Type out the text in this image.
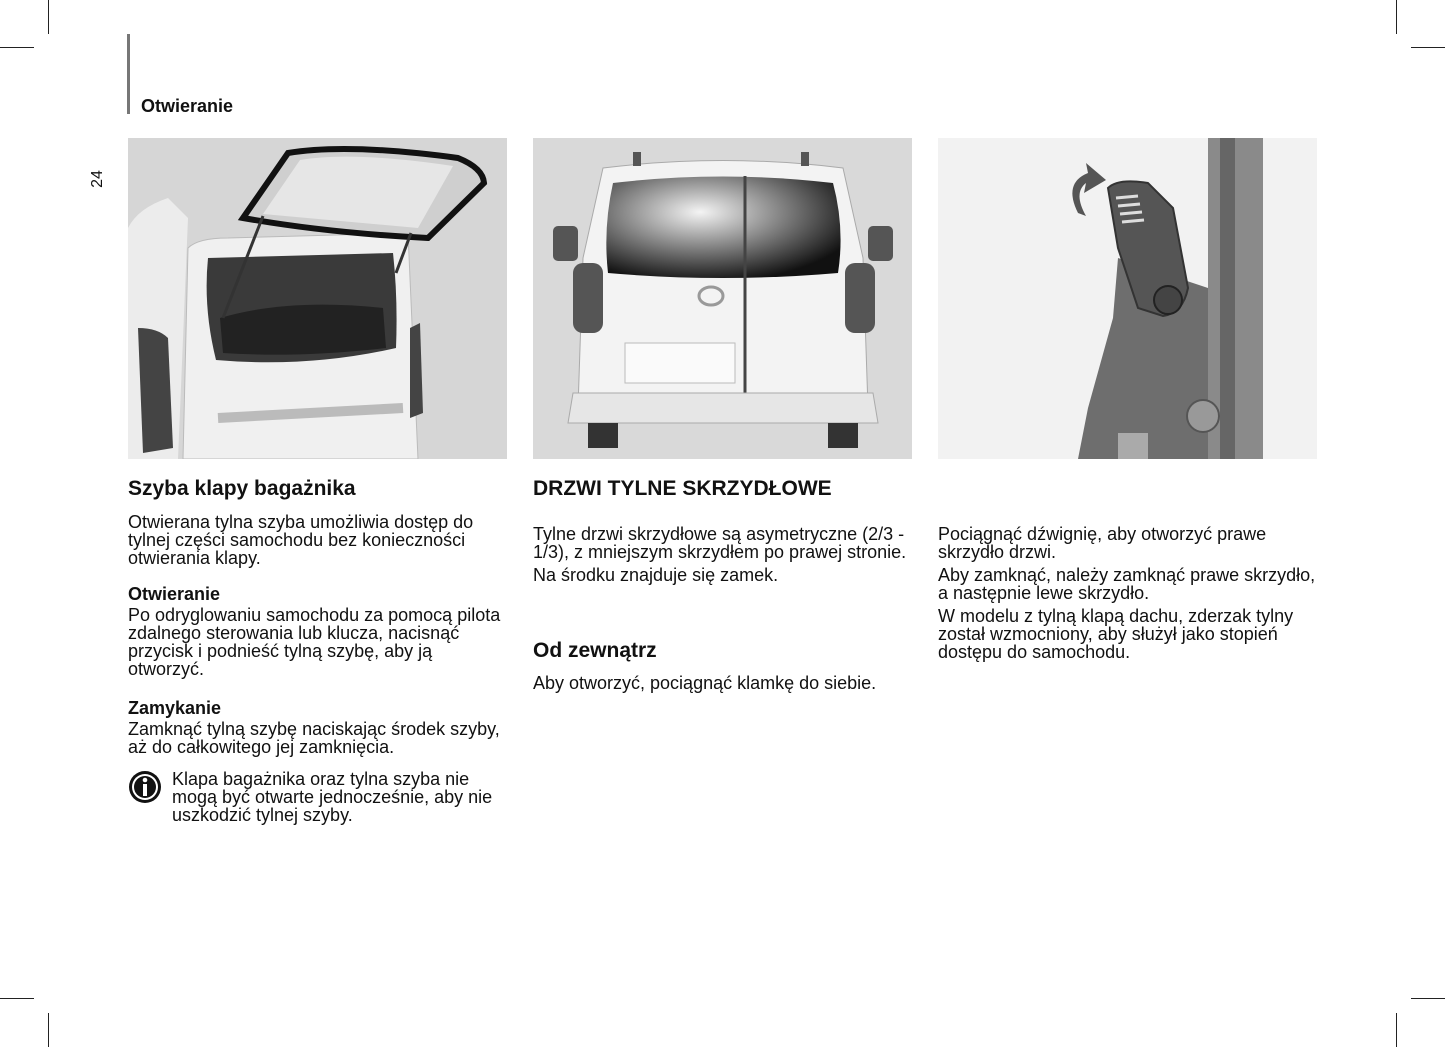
Otwieranie
24
Szyba klapy bagażnika

Otwierana tylna szyba umożliwia dostęp do tylnej części samochodu bez konieczności otwierania klapy.

Otwieranie

Po odryglowaniu samochodu za pomocą pilota zdalnego sterowania lub klucza, nacisnąć przycisk i podnieść tylną szybę, aby ją otworzyć.

Zamykanie

Zamknąć tylną szybę naciskając środek szyby, aż do całkowitego jej zamknięcia.

Klapa bagażnika oraz tylna szyba nie mogą być otwarte jednocześnie, aby nie uszkodzić tylnej szyby.

DRZWI TYLNE SKRZYDŁOWE

Tylne drzwi skrzydłowe są asymetryczne (2/3 - 1/3), z mniejszym skrzydłem po prawej stronie.

Na środku znajduje się zamek.

Od zewnątrz

Aby otworzyć, pociągnąć klamkę do siebie.

Pociągnąć dźwignię, aby otworzyć prawe skrzydło drzwi.

Aby zamknąć, należy zamknąć prawe skrzydło, a następnie lewe skrzydło.

W modelu z tylną klapą dachu, zderzak tylny został wzmocniony, aby służył jako stopień dostępu do samochodu.
